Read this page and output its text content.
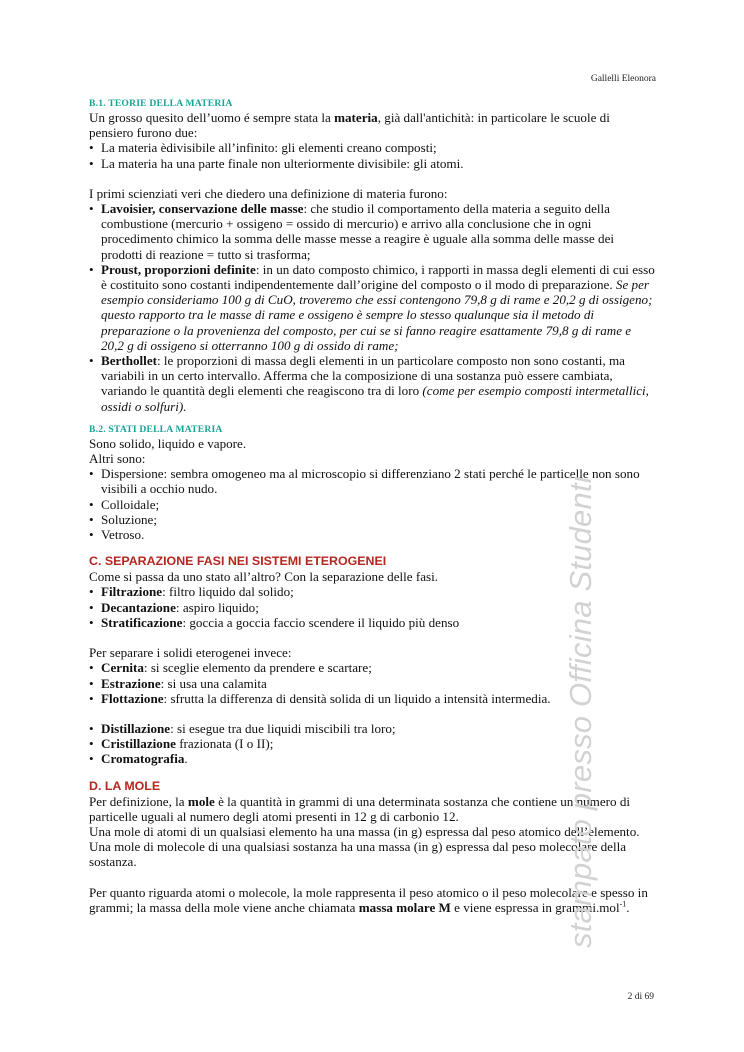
Gallelli Eleonora
B.1. TEORIE DELLA MATERIA

Un grosso quesito dell’uomo é sempre stata la materia, già dall'antichità: in particolare le scuole di pensiero furono due:

• La materia èdivisibile all’infinito: gli elementi creano composti;
• La materia ha una parte finale non ulteriormente divisibile: gli atomi.

I primi scienziati veri che diedero una definizione di materia furono:

• Lavoisier, conservazione delle masse: che studio il comportamento della materia a seguito della combustione (mercurio + ossigeno = ossido di mercurio) e arrivo alla conclusione che in ogni procedimento chimico la somma delle masse messe a reagire è uguale alla somma delle masse dei prodotti di reazione = tutto si trasforma;
• Proust, proporzioni definite: in un dato composto chimico, i rapporti in massa degli elementi di cui esso è costituito sono costanti indipendentemente dall’origine del composto o il modo di preparazione. Se per esempio consideriamo 100 g di CuO, troveremo che essi contengono 79,8 g di rame e 20,2 g di ossigeno; questo rapporto tra le masse di rame e ossigeno è sempre lo stesso qualunque sia il metodo di preparazione o la provenienza del composto, per cui se si fanno reagire esattamente 79,8 g di rame e 20,2 g di ossigeno si otterranno 100 g di ossido di rame;
• Berthollet: le proporzioni di massa degli elementi in un particolare composto non sono costanti, ma variabili in un certo intervallo. Afferma che la composizione di una sostanza può essere cambiata, variando le quantità degli elementi che reagiscono tra di loro (come per esempio composti intermetallici, ossidi o solfuri).
B.2. STATI DELLA MATERIA

Sono solido, liquido e vapore.

Altri sono:

• Dispersione: sembra omogeneo ma al microscopio si differenziano 2 stati perché le particelle non sono visibili a occhio nudo.
• Colloidale;
• Soluzione;
• Vetroso.
C. SEPARAZIONE FASI NEI SISTEMI ETEROGENEI

Come si passa da uno stato all’altro? Con la separazione delle fasi.

• Filtrazione: filtro liquido dal solido;
• Decantazione: aspiro liquido;
• Stratificazione: goccia a goccia faccio scendere il liquido più denso

Per separare i solidi eterogenei invece:

• Cernita: si sceglie elemento da prendere e scartare;
• Estrazione: si usa una calamita
• Flottazione: sfrutta la differenza di densità solida di un liquido a intensità intermedia.
• Distillazione: si esegue tra due liquidi miscibili tra loro;
• Cristillazione frazionata (I o II);
• Cromatografia.
D. LA MOLE

Per definizione, la mole è la quantità in grammi di una determinata sostanza che contiene un numero di particelle uguali al numero degli atomi presenti in 12 g di carbonio 12.

Una mole di atomi di un qualsiasi elemento ha una massa (in g) espressa dal peso atomico dell’elemento.

Una mole di molecole di una qualsiasi sostanza ha una massa (in g) espressa dal peso molecolare della sostanza.

Per quanto riguarda atomi o molecole, la mole rappresenta il peso atomico o il peso molecolare e spesso in grammi; la massa della mole viene anche chiamata massa molare M e viene espressa in grammi.mol$^{-1}$.

stampato presso Officina Studenti
2 di 69
